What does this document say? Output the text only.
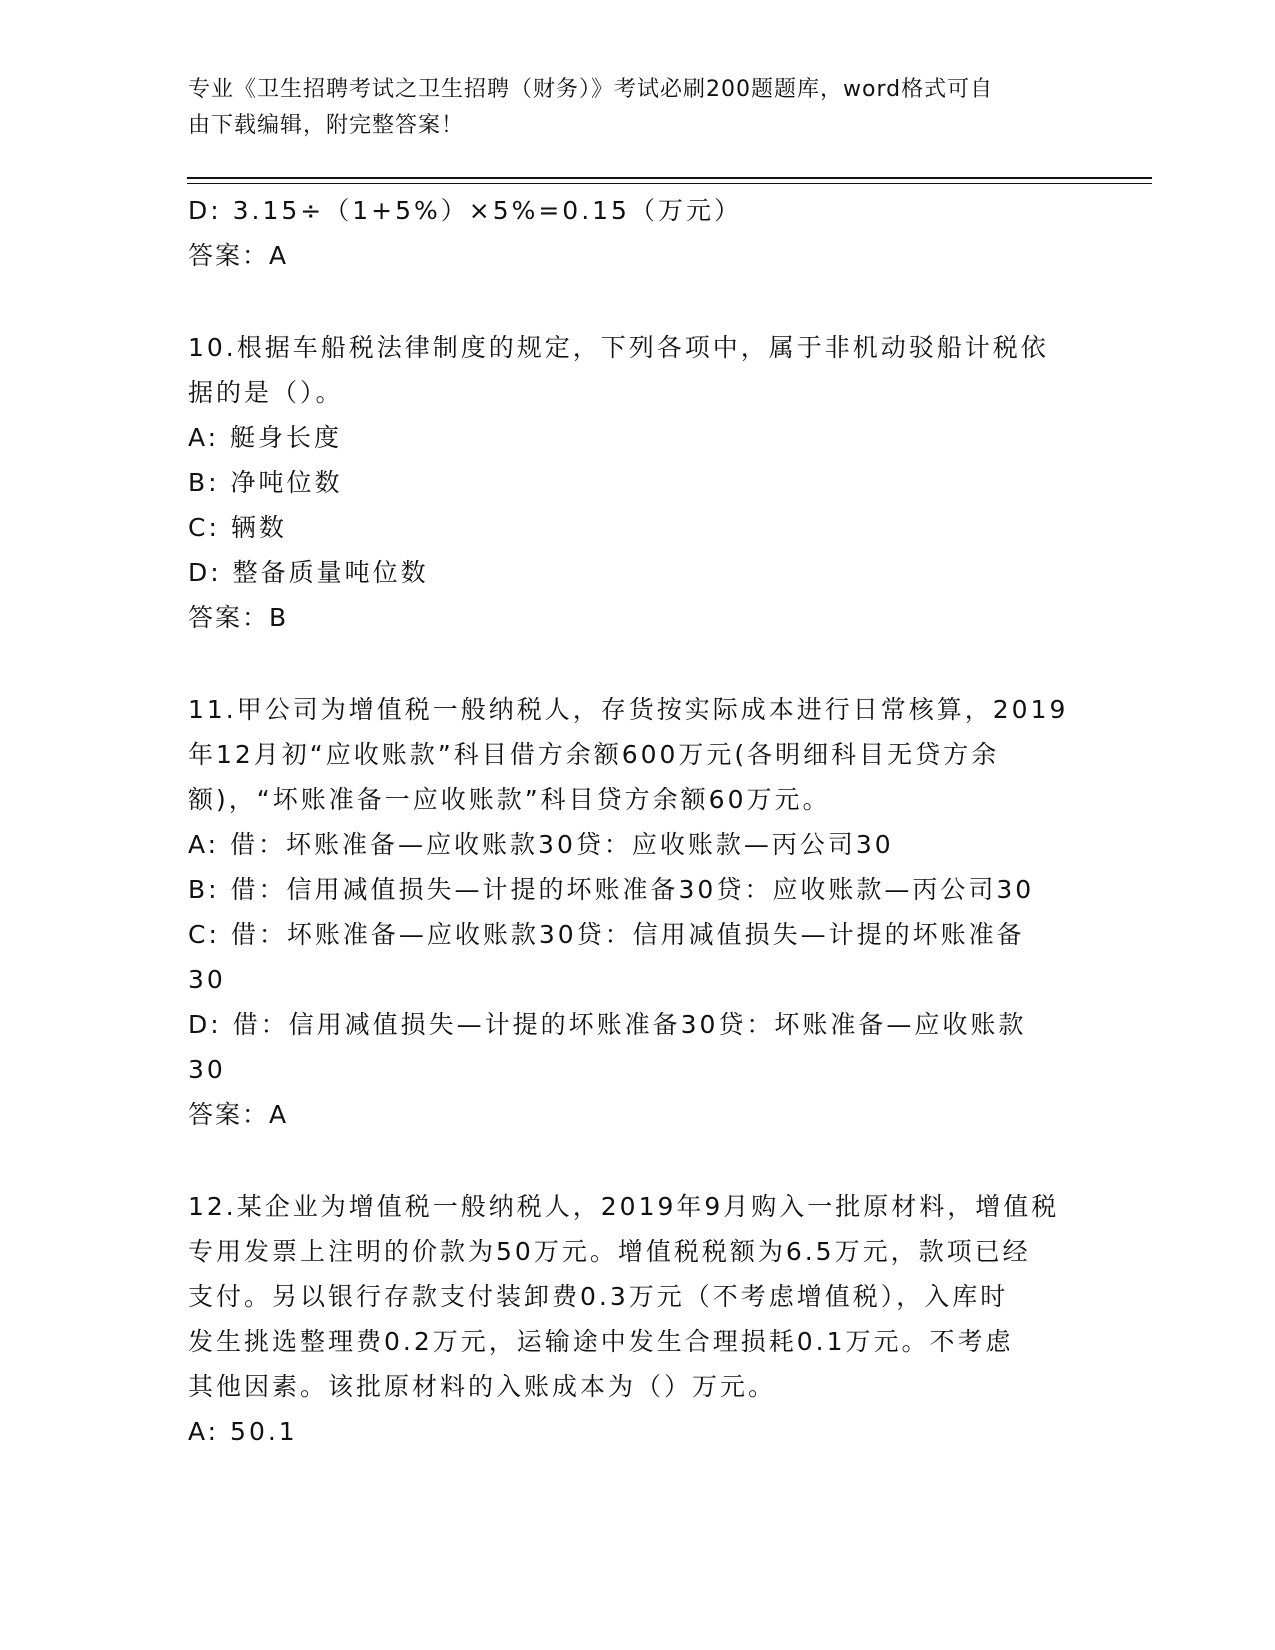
专业《卫生招聘考试之卫生招聘（财务）》考试必刷200题题库，word格式可自
由下载编辑，附完整答案！

D: 3.15÷（1+5%）×5%=0.15（万元）

答案：A

10.根据车船税法律制度的规定，下列各项中，属于非机动驳船计税依

据的是（）。

A: 艇身长度

B: 净吨位数

C: 辆数

D: 整备质量吨位数

答案：B

11.甲公司为增值税一般纳税人，存货按实际成本进行日常核算，2019

年12月初“应收账款”科目借方余额600万元(各明细科目无贷方余

额)，“坏账准备一应收账款”科目贷方余额60万元。

A: 借：坏账准备—应收账款30贷：应收账款—丙公司30

B: 借：信用减值损失—计提的坏账准备30贷：应收账款—丙公司30

C: 借：坏账准备—应收账款30贷：信用减值损失—计提的坏账准备

30

D: 借：信用减值损失—计提的坏账准备30贷：坏账准备—应收账款

30

答案：A

12.某企业为增值税一般纳税人，2019年9月购入一批原材料，增值税

专用发票上注明的价款为50万元。增值税税额为6.5万元，款项已经

支付。另以银行存款支付装卸费0.3万元（不考虑增值税），入库时

发生挑选整理费0.2万元，运输途中发生合理损耗0.1万元。不考虑

其他因素。该批原材料的入账成本为（）万元。

A: 50.1
